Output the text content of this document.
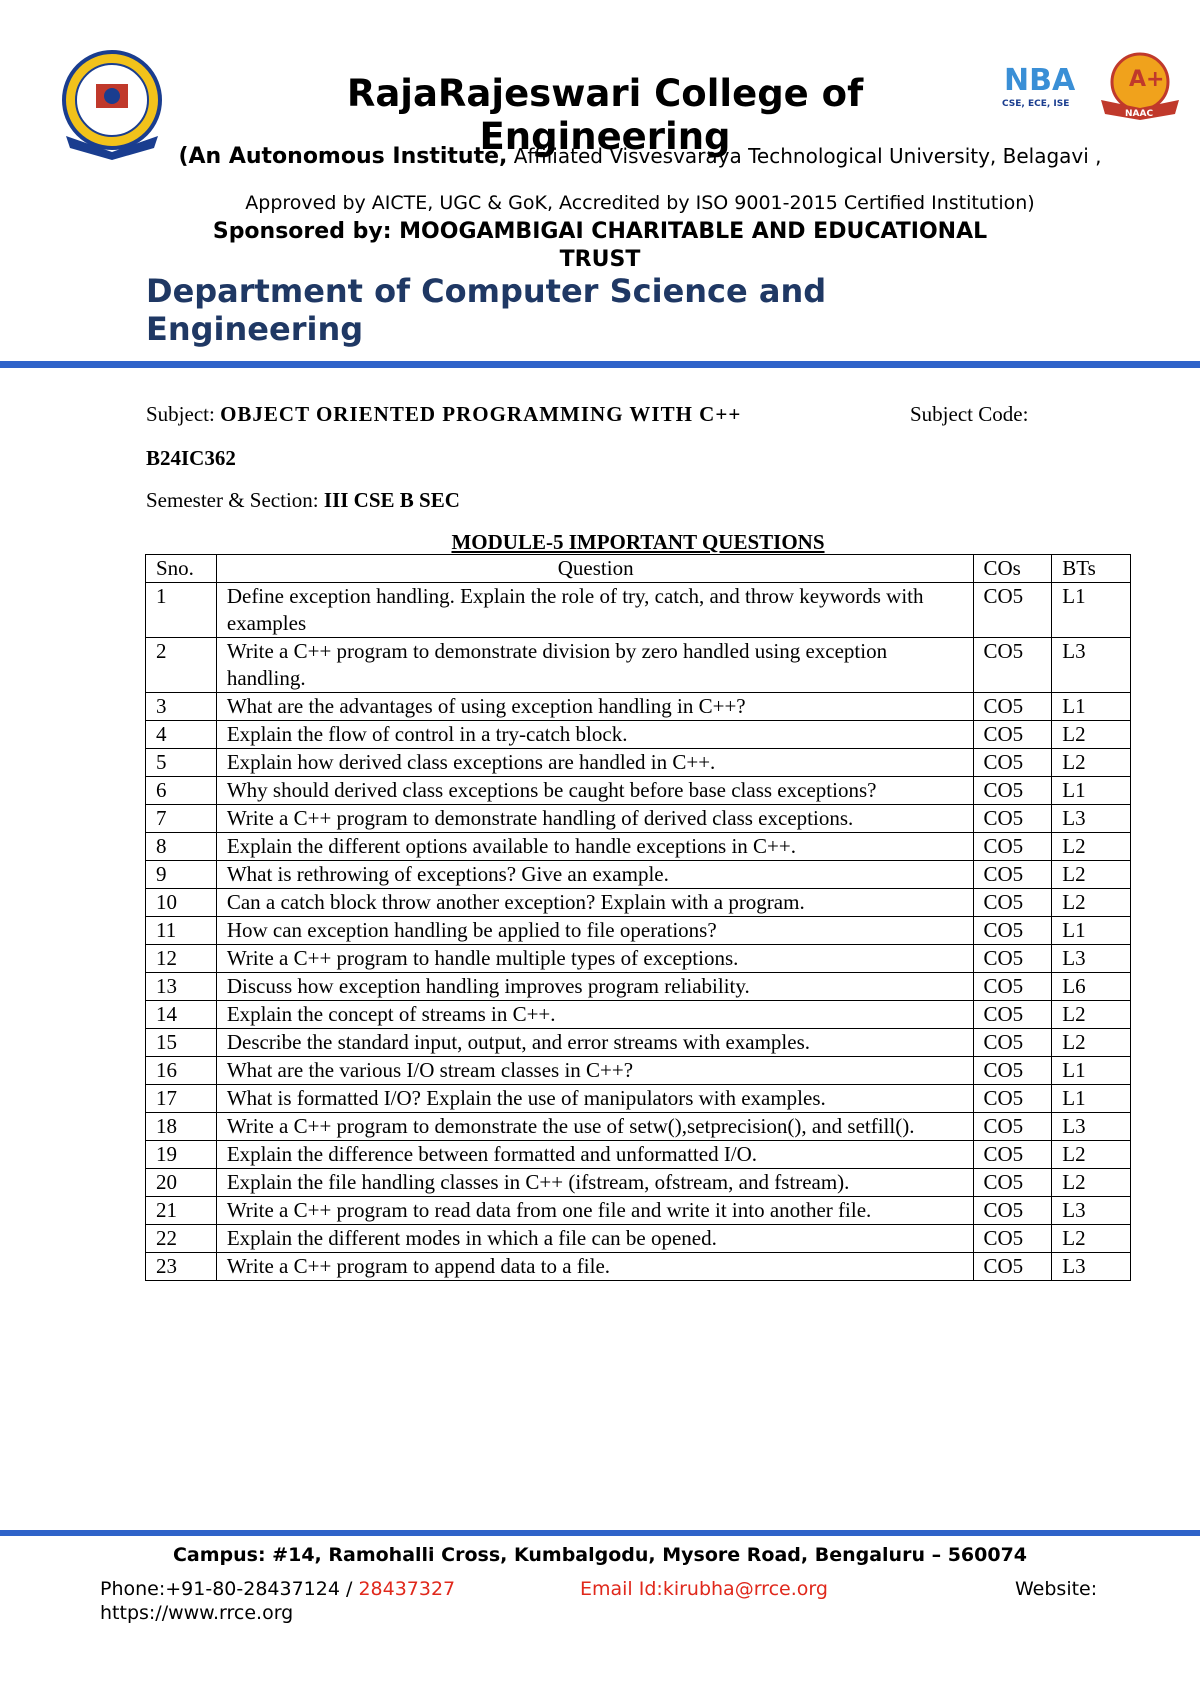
NBA
CSE, ECE, ISE
A+
NAAC
RajaRajeswari College of Engineering
(An Autonomous Institute, Affiliated Visvesvaraya Technological University, Belagavi ,
Approved by AICTE, UGC & GoK, Accredited by ISO 9001-2015 Certified Institution)
Sponsored by: MOOGAMBIGAI CHARITABLE AND EDUCATIONAL
TRUST
Department of Computer Science and
Engineering
Subject: OBJECT ORIENTED PROGRAMMING WITH C++	Subject Code:
B24IC362
Semester & Section: III CSE B SEC
MODULE-5 IMPORTANT QUESTIONS
Sno.	Question	COs	BTs
1	Define exception handling. Explain the role of try, catch, and throw keywords with examples	CO5	L1
2	Write a C++ program to demonstrate division by zero handled using exception handling.	CO5	L3
3	What are the advantages of using exception handling in C++?	CO5	L1
4	Explain the flow of control in a try-catch block.	CO5	L2
5	Explain how derived class exceptions are handled in C++.	CO5	L2
6	Why should derived class exceptions be caught before base class exceptions?	CO5	L1
7	Write a C++ program to demonstrate handling of derived class exceptions.	CO5	L3
8	Explain the different options available to handle exceptions in C++.	CO5	L2
9	What is rethrowing of exceptions? Give an example.	CO5	L2
10	Can a catch block throw another exception? Explain with a program.	CO5	L2
11	How can exception handling be applied to file operations?	CO5	L1
12	Write a C++ program to handle multiple types of exceptions.	CO5	L3
13	Discuss how exception handling improves program reliability.	CO5	L6
14	Explain the concept of streams in C++.	CO5	L2
15	Describe the standard input, output, and error streams with examples.	CO5	L2
16	What are the various I/O stream classes in C++?	CO5	L1
17	What is formatted I/O? Explain the use of manipulators with examples.	CO5	L1
18	Write a C++ program to demonstrate the use of setw(),setprecision(), and setfill().	CO5	L3
19	Explain the difference between formatted and unformatted I/O.	CO5	L2
20	Explain the file handling classes in C++ (ifstream, ofstream, and fstream).	CO5	L2
21	Write a C++ program to read data from one file and write it into another file.	CO5	L3
22	Explain the different modes in which a file can be opened.	CO5	L2
23	Write a C++ program to append data to a file.	CO5	L3
Campus: #14, Ramohalli Cross, Kumbalgodu, Mysore Road, Bengaluru – 560074
Phone:+91-80-28437124 / 28437327	Email Id:kirubha@rrce.org	Website:
https://www.rrce.org
